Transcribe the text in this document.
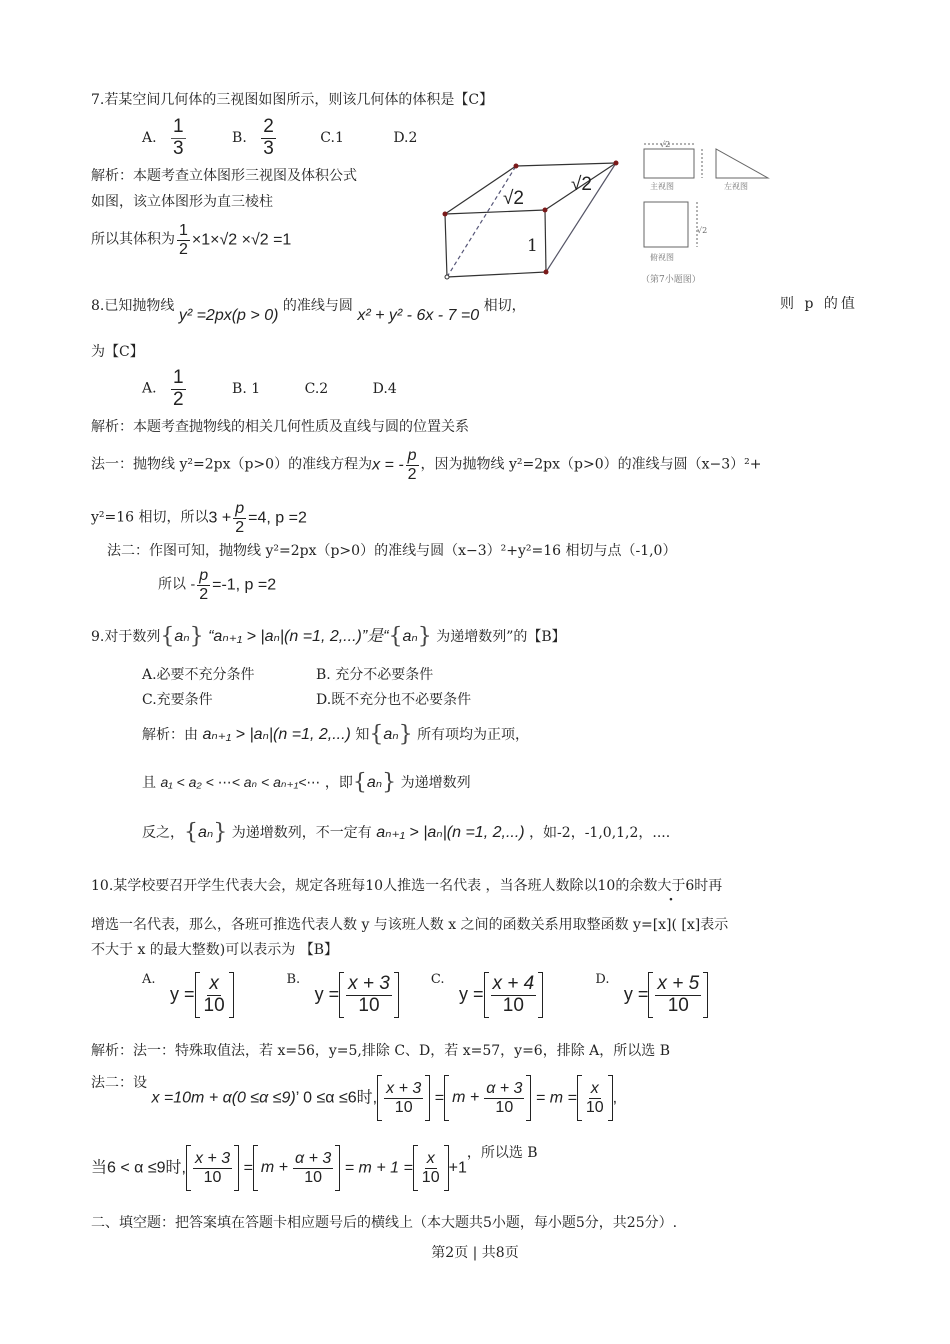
7.若某空间几何体的三视图如图所示，则该几何体的体积是【C】
A. $\frac{1}{3}$	B. $\frac{2}{3}$	C.1	D.2
解析：本题考查立体图形三视图及体积公式
如图，该立体图形为直三棱柱
所以其体积为 $\frac{1}{2} \times 1\times√2 \times√2 =1$
√2
√2
1
√2
主视图	左视图
√2
俯视图
（第7小题图）
8.已知抛物线 y² =2px(p > 0) 的准线与圆 x² + y² - 6x - 7 =0 相切，	则 p 的值
为【C】
A. $\frac{1}{2}$	B. 1	C.2	D.4
解析：本题考查抛物线的相关几何性质及直线与圆的位置关系
法一：抛物线 y²=2px（p>0）的准线方程为x = - $\frac{p}{2}$ ，因为抛物线 y²=2px（p>0）的准线与圆（x−3）²+
y²=16 相切，所以$3 + \frac{p}{2} =4$, p =2
法二：作图可知，抛物线 y²=2px（p>0）的准线与圆（x−3）²+y²=16 相切与点（-1,0）
所以 - $\frac{p}{2} =-1$, p =2
9.对于数列{aₙ} “aₙ₊₁ > |aₙ|(n =1, 2,...)”是“{aₙ} 为递增数列”的【B】
A.必要不充分条件	B. 充分不必要条件
C.充要条件	D.既不充分也不必要条件
解析：由 aₙ₊₁ > |aₙ|(n =1, 2,...) 知{aₙ} 所有项均为正项，
且 a₁ < a₂ < ⋯< aₙ < aₙ₊₁<⋯ ，即{aₙ} 为递增数列
反之，{aₙ} 为递增数列，不一定有 aₙ₊₁ > |aₙ|(n =1, 2,...) ，如-2，-1,0,1,2，....
10.某学校要召开学生代表大会，规定各班每10人推选一名代表 ，当各班人数除以10的余数大于6时再
增选一名代表，那么，各班可推选代表人数 y 与该班人数 x 之间的函数关系用取整函数 y=[x]( [x]表示
不大于 x 的最大整数)可以表示为 【B】
A. $y = \frac{x}{10}$	B. $y = \frac{x + 3}{10}$	C. $y = \frac{x + 4}{10}$	D. $y = \frac{x + 5}{10}$
解析：法一：特殊取值法，若 x=56，y=5,排除 C、D，若 x=57，y=6，排除 A，所以选 B
法二：设 x =10m + α(0 ≤α ≤9)’ 0 ≤α ≤6时, $\frac{x + 3}{10} = m + \frac{\alpha + 3}{10} = m = \frac{x}{10}$ ,
当6 < α ≤9时, $\frac{x + 3}{10} = m + \frac{\alpha + 3}{10} = m + 1 = \frac{x}{10} +1$，所以选 B
二、填空题：把答案填在答题卡相应题号后的横线上（本大题共5小题，每小题5分，共25分）.
第2页 | 共8页
